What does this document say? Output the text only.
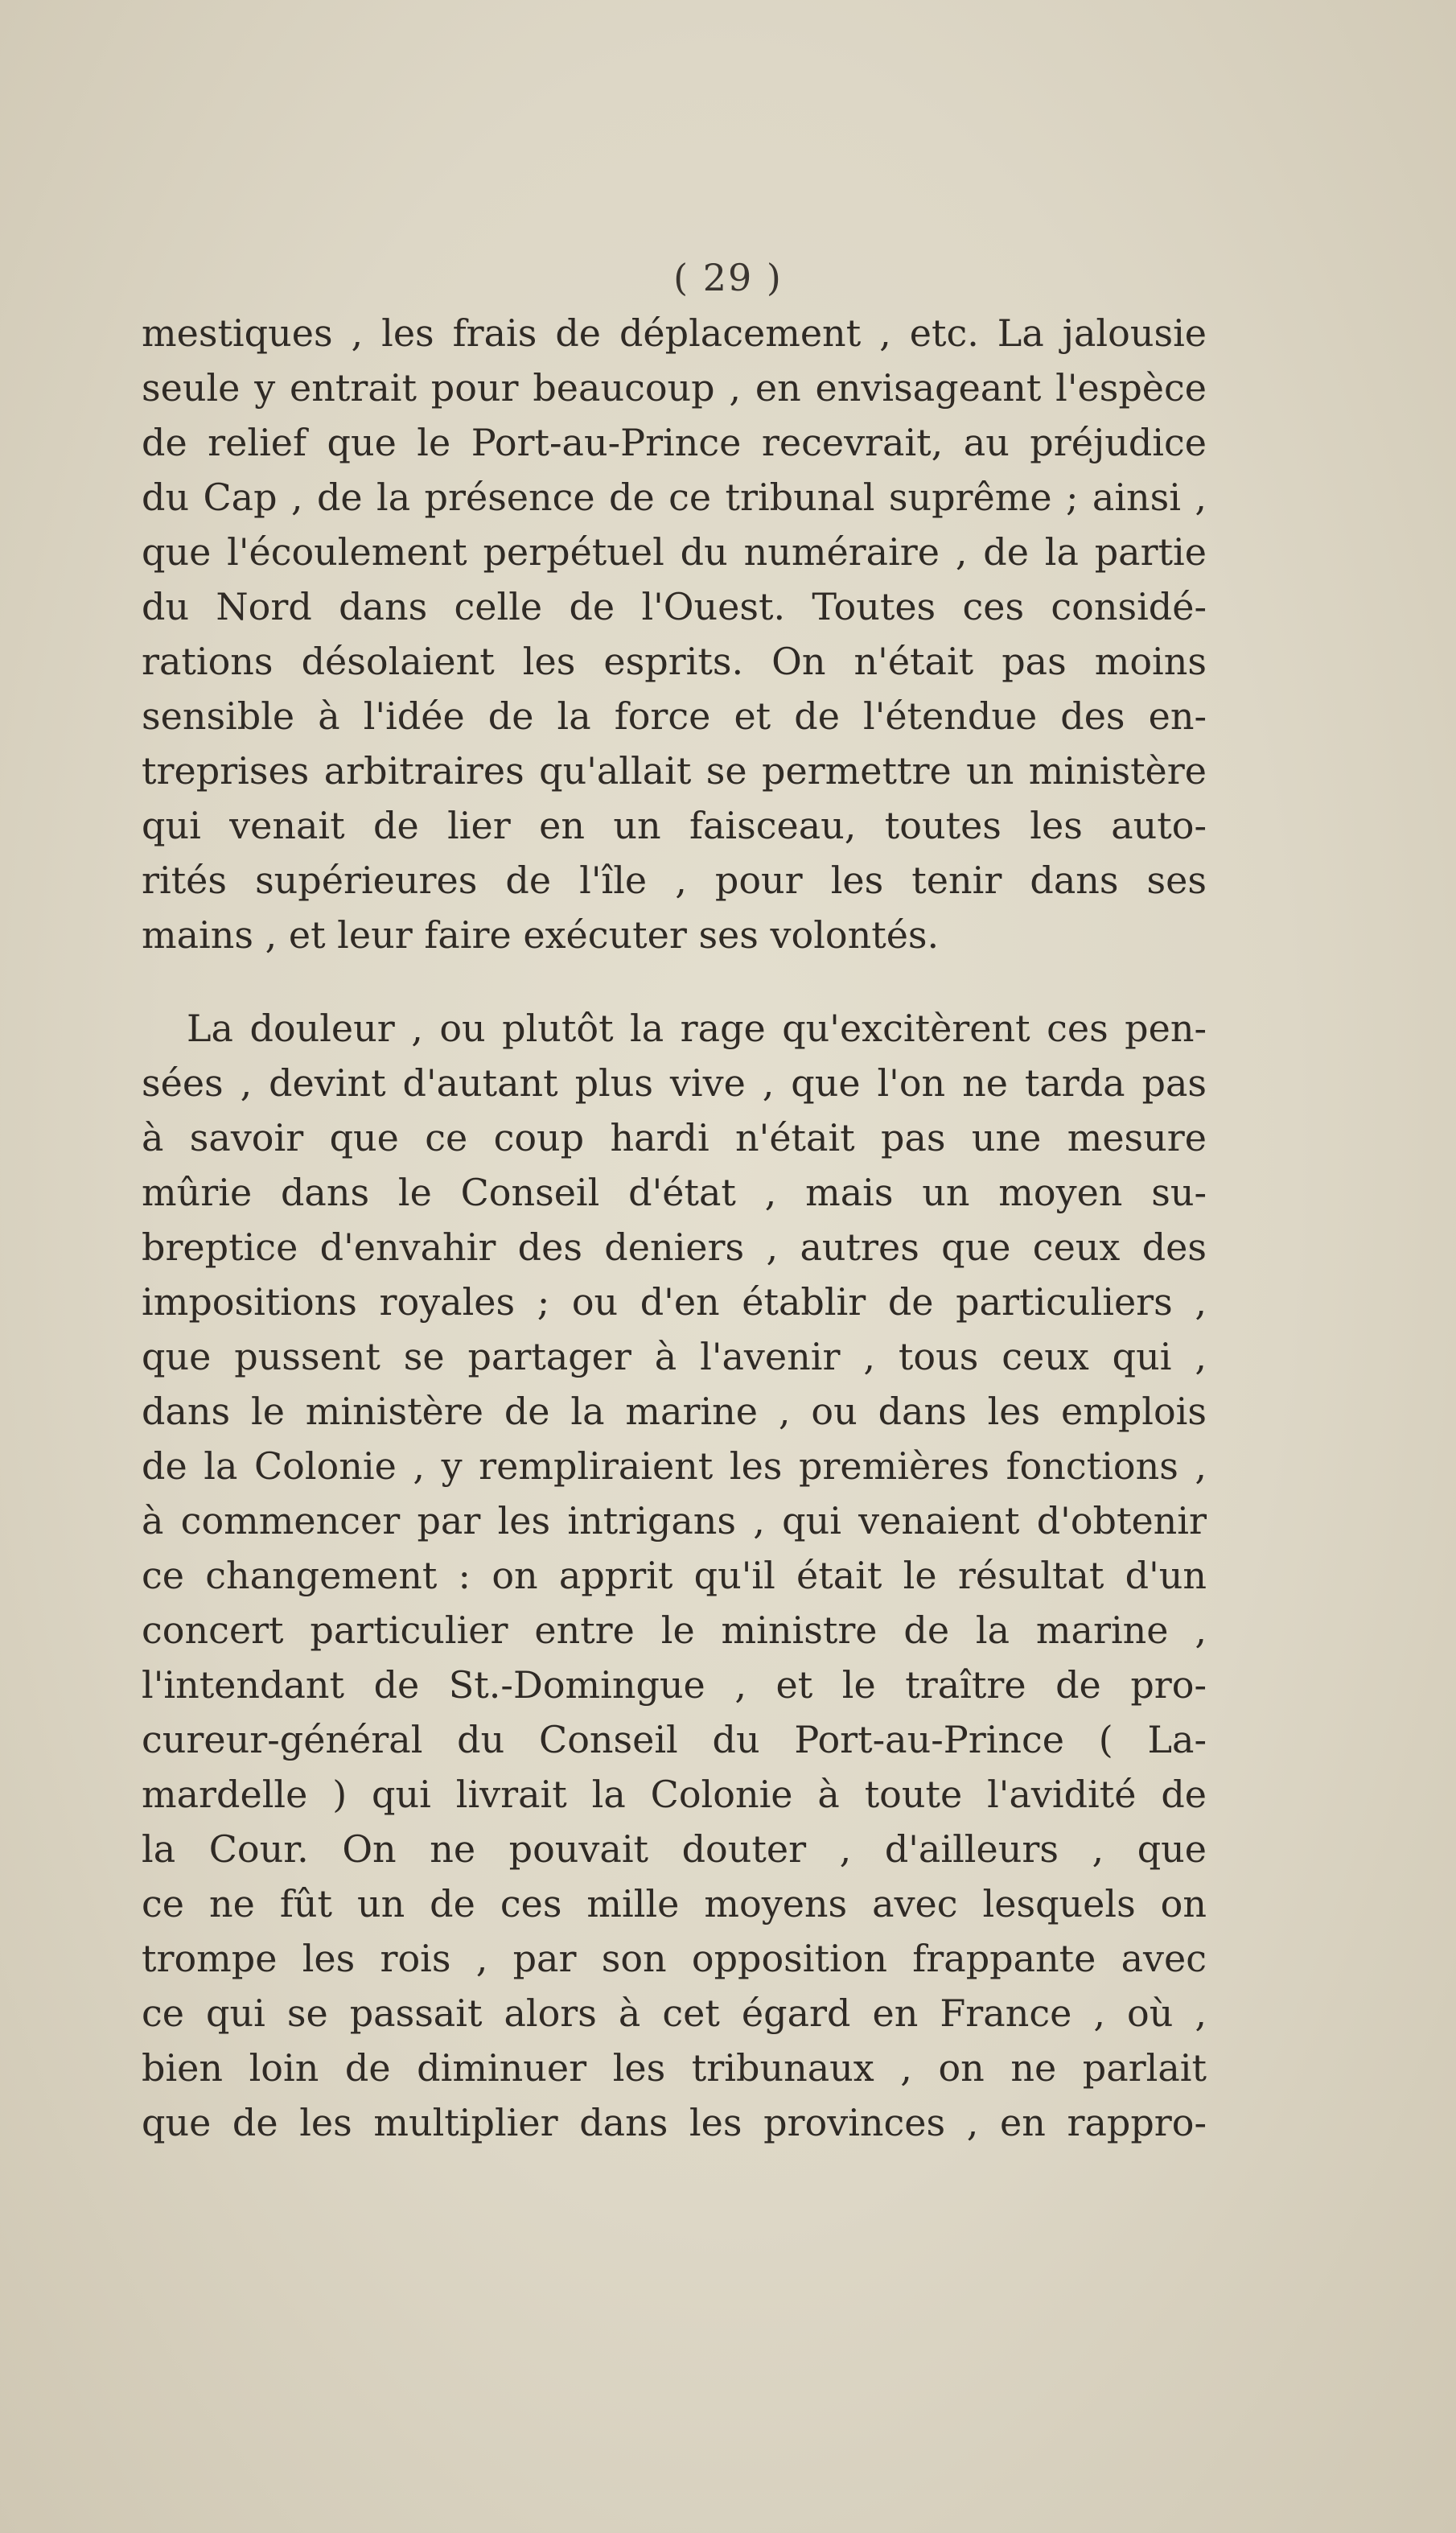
( 29 )
mestiques , les frais de déplacement , etc. La jalousie
seule y entrait pour beaucoup , en envisageant l'espèce
de relief que le Port-au-Prince recevrait, au préjudice
du Cap , de la présence de ce tribunal suprême ; ainsi ,
que l'écoulement perpétuel du numéraire , de la partie
du Nord dans celle de l'Ouest. Toutes ces considé-
rations désolaient les esprits. On n'était pas moins
sensible à l'idée de la force et de l'étendue des en-
treprises arbitraires qu'allait se permettre un ministère
qui venait de lier en un faisceau, toutes les auto-
rités supérieures de l'île , pour les tenir dans ses
mains , et leur faire exécuter ses volontés.
La douleur , ou plutôt la rage qu'excitèrent ces pen-
sées , devint d'autant plus vive , que l'on ne tarda pas
à savoir que ce coup hardi n'était pas une mesure
mûrie dans le Conseil d'état , mais un moyen su-
breptice d'envahir des deniers , autres que ceux des
impositions royales ; ou d'en établir de particuliers ,
que pussent se partager à l'avenir , tous ceux qui ,
dans le ministère de la marine , ou dans les emplois
de la Colonie , y rempliraient les premières fonctions ,
à commencer par les intrigans , qui venaient d'obtenir
ce changement : on apprit qu'il était le résultat d'un
concert particulier entre le ministre de la marine ,
l'intendant de St.-Domingue , et le traître de pro-
cureur-général du Conseil du Port-au-Prince ( La-
mardelle ) qui livrait la Colonie à toute l'avidité de
la Cour. On ne pouvait douter , d'ailleurs , que
ce ne fût un de ces mille moyens avec lesquels on
trompe les rois , par son opposition frappante avec
ce qui se passait alors à cet égard en France , où ,
bien loin de diminuer les tribunaux , on ne parlait
que de les multiplier dans les provinces , en rappro-
